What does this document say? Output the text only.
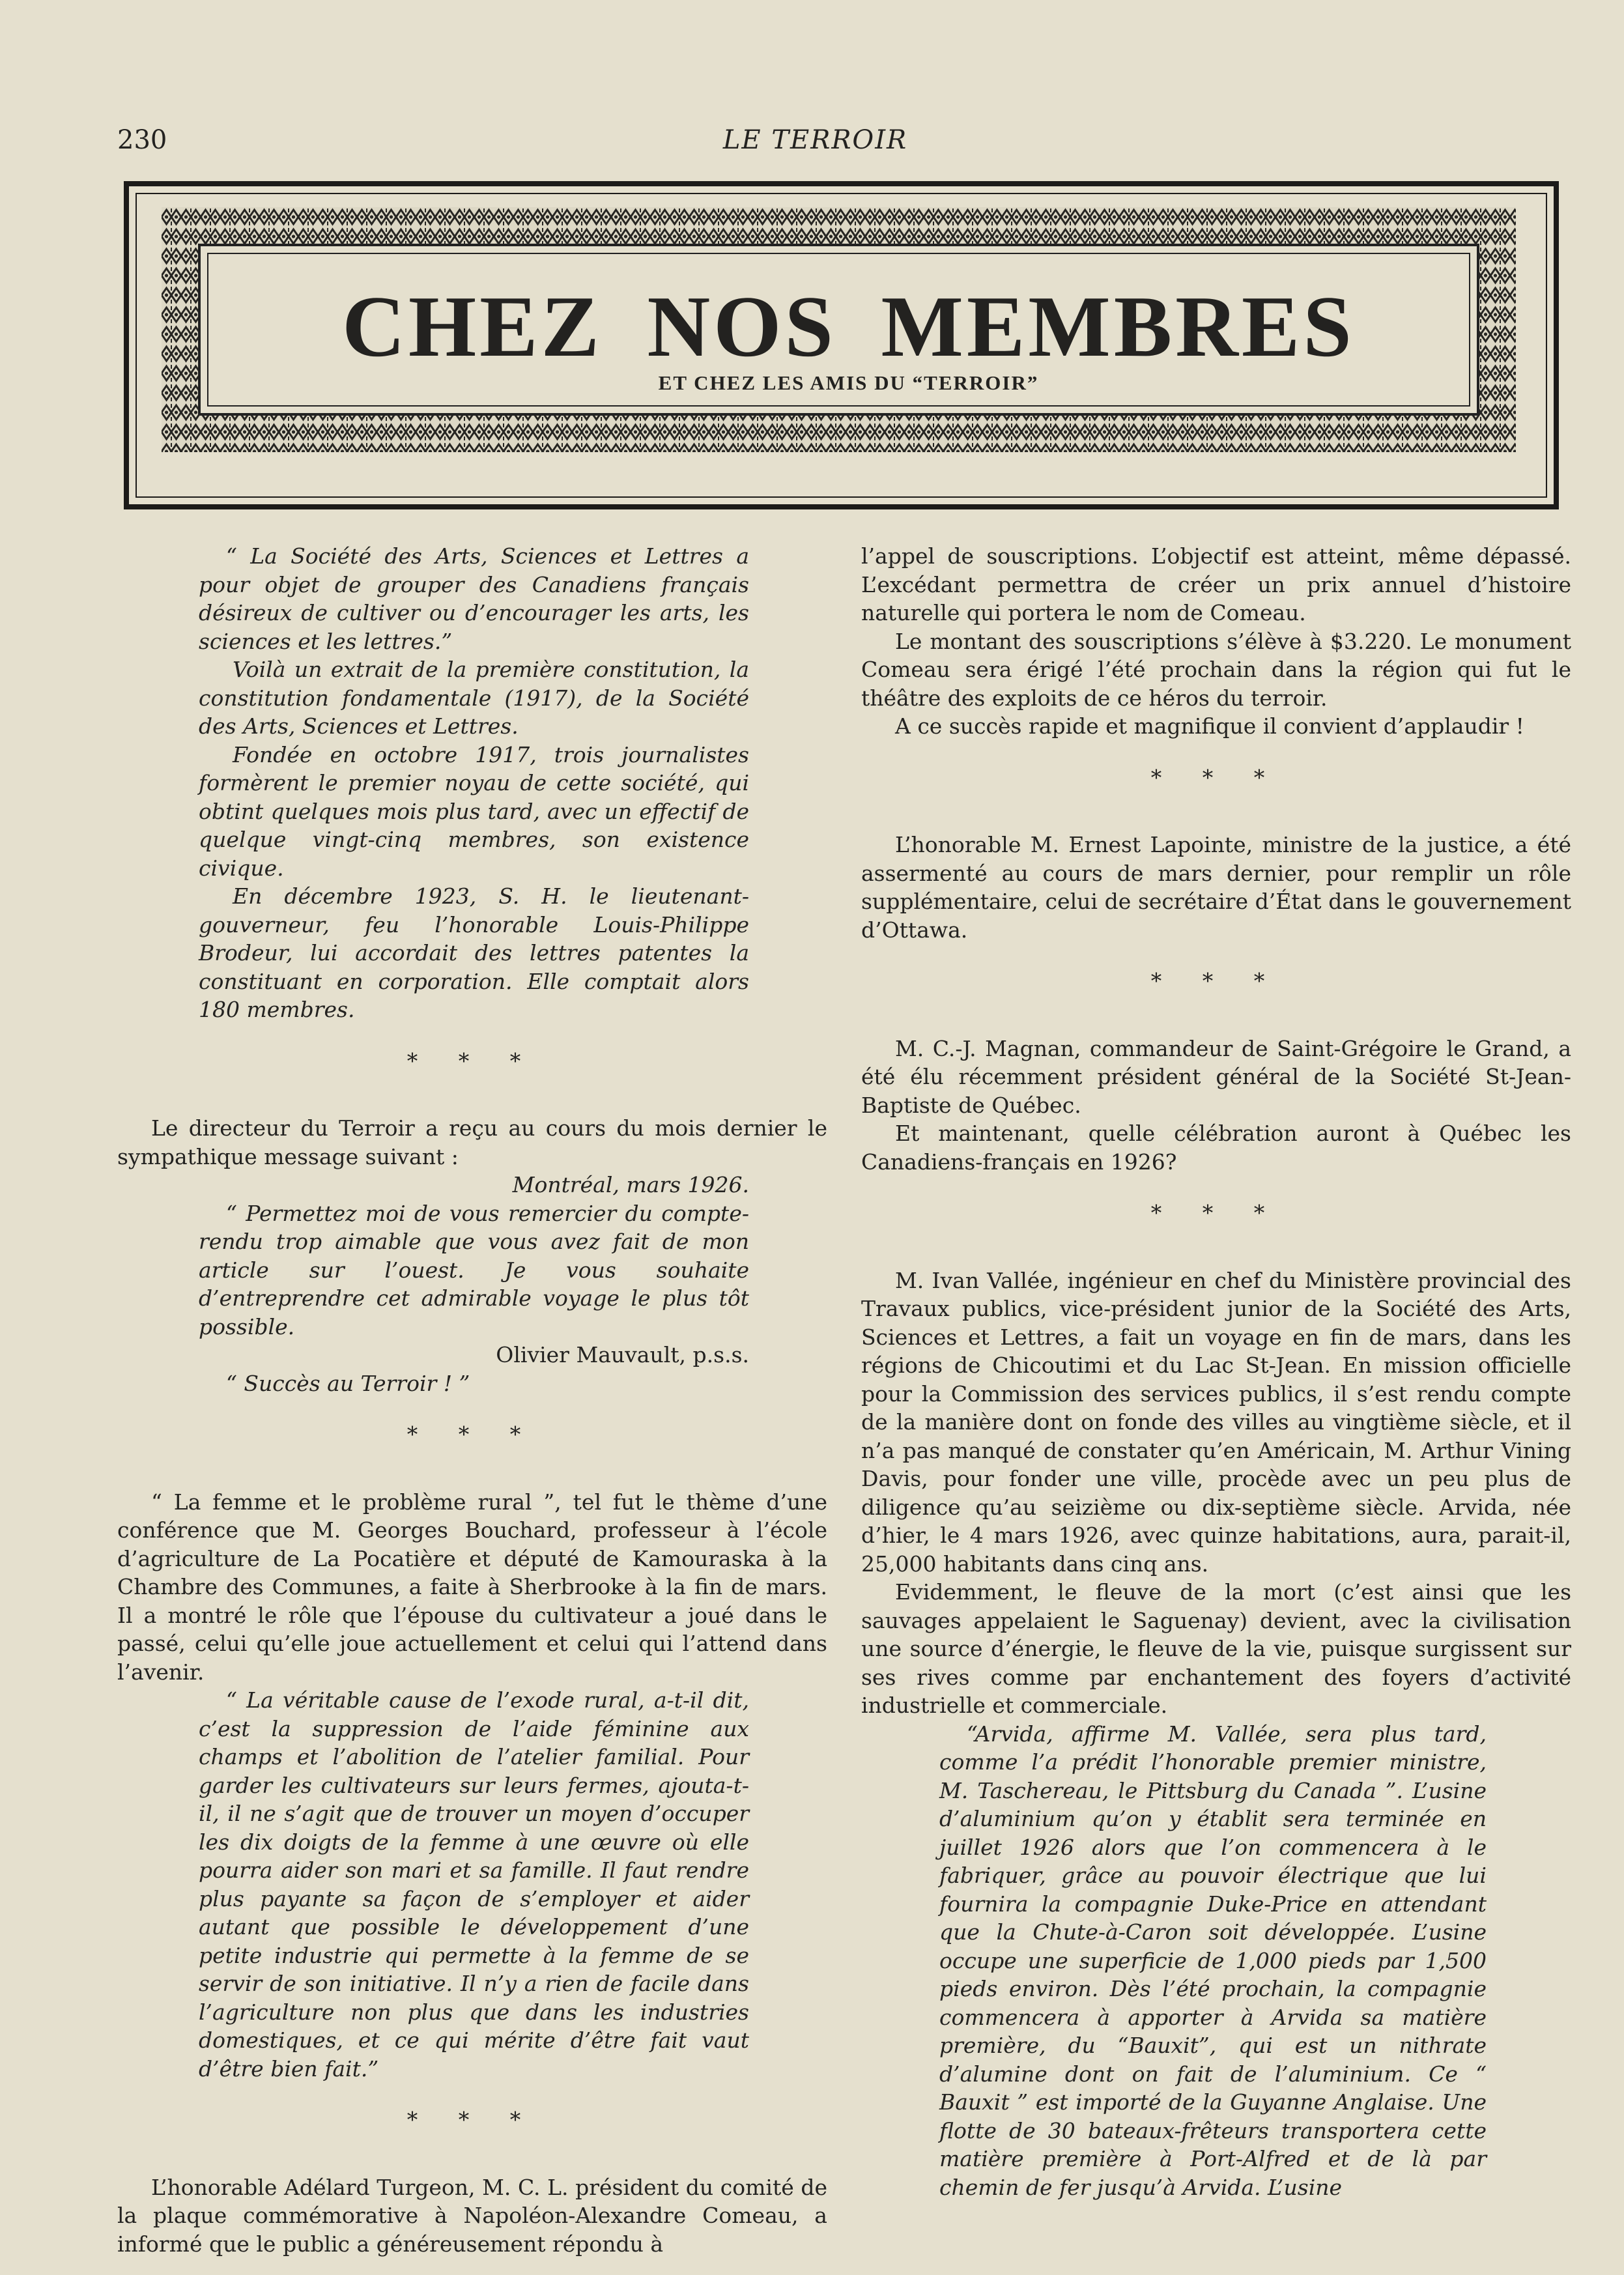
230	LE TERROIR
CHEZ NOS MEMBRES
ET CHEZ LES AMIS DU “TERROIR”

“ La Société des Arts, Sciences et Lettres a pour objet de grouper des Canadiens français désireux de cultiver ou d’encourager les arts, les sciences et les lettres.”

Voilà un extrait de la première constitution, la constitution fondamentale (1917), de la Société des Arts, Sciences et Lettres.

Fondée en octobre 1917, trois journalistes formèrent le premier noyau de cette société, qui obtint quelques mois plus tard, avec un effectif de quelque vingt-cinq membres, son existence civique.

En décembre 1923, S. H. le lieutenant-gouverneur, feu l’honorable Louis-Philippe Brodeur, lui accordait des lettres patentes la constituant en corporation. Elle comptait alors 180 membres.

* * *

Le directeur du Terroir a reçu au cours du mois dernier le sympathique message suivant :

Montréal, mars 1926.

“ Permettez moi de vous remercier du compte-rendu trop aimable que vous avez fait de mon article sur l’ouest. Je vous souhaite d’entreprendre cet admirable voyage le plus tôt possible.

Olivier Mauvault, p.s.s.

“ Succès au Terroir ! ”

* * *

“ La femme et le problème rural ”, tel fut le thème d’une conférence que M. Georges Bouchard, professeur à l’école d’agriculture de La Pocatière et député de Kamouraska à la Chambre des Communes, a faite à Sherbrooke à la fin de mars. Il a montré le rôle que l’épouse du cultivateur a joué dans le passé, celui qu’elle joue actuellement et celui qui l’attend dans l’avenir.

“ La véritable cause de l’exode rural, a-t-il dit, c’est la suppression de l’aide féminine aux champs et l’abolition de l’atelier familial. Pour garder les cultivateurs sur leurs fermes, ajouta-t-il, il ne s’agit que de trouver un moyen d’occuper les dix doigts de la femme à une œuvre où elle pourra aider son mari et sa famille. Il faut rendre plus payante sa façon de s’employer et aider autant que possible le développement d’une petite industrie qui permette à la femme de se servir de son initiative. Il n’y a rien de facile dans l’agriculture non plus que dans les industries domestiques, et ce qui mérite d’être fait vaut d’être bien fait.”

* * *

L’honorable Adélard Turgeon, M. C. L. président du comité de la plaque commémorative à Napoléon-Alexandre Comeau, a informé que le public a généreusement répondu à

l’appel de souscriptions. L’objectif est atteint, même dépassé. L’excédant permettra de créer un prix annuel d’histoire naturelle qui portera le nom de Comeau.

Le montant des souscriptions s’élève à $3.220. Le monument Comeau sera érigé l’été prochain dans la région qui fut le théâtre des exploits de ce héros du terroir.

A ce succès rapide et magnifique il convient d’applaudir !

* * *

L’honorable M. Ernest Lapointe, ministre de la justice, a été assermenté au cours de mars dernier, pour remplir un rôle supplémentaire, celui de secrétaire d’État dans le gouvernement d’Ottawa.

* * *

M. C.-J. Magnan, commandeur de Saint-Grégoire le Grand, a été élu récemment président général de la Société St-Jean-Baptiste de Québec.

Et maintenant, quelle célébration auront à Québec les Canadiens-français en 1926?

* * *

M. Ivan Vallée, ingénieur en chef du Ministère provincial des Travaux publics, vice-président junior de la Société des Arts, Sciences et Lettres, a fait un voyage en fin de mars, dans les régions de Chicoutimi et du Lac St-Jean. En mission officielle pour la Commission des services publics, il s’est rendu compte de la manière dont on fonde des villes au vingtième siècle, et il n’a pas manqué de constater qu’en Américain, M. Arthur Vining Davis, pour fonder une ville, procède avec un peu plus de diligence qu’au seizième ou dix-septième siècle. Arvida, née d’hier, le 4 mars 1926, avec quinze habitations, aura, parait-il, 25,000 habitants dans cinq ans.

Evidemment, le fleuve de la mort (c’est ainsi que les sauvages appelaient le Saguenay) devient, avec la civilisation une source d’énergie, le fleuve de la vie, puisque surgissent sur ses rives comme par enchantement des foyers d’activité industrielle et commerciale.

“Arvida, affirme M. Vallée, sera plus tard, comme l’a prédit l’honorable premier ministre, M. Taschereau, le Pittsburg du Canada ”. L’usine d’aluminium qu’on y établit sera terminée en juillet 1926 alors que l’on commencera à le fabriquer, grâce au pouvoir électrique que lui fournira la compagnie Duke-Price en attendant que la Chute-à-Caron soit développée. L’usine occupe une superficie de 1,000 pieds par 1,500 pieds environ. Dès l’été prochain, la compagnie commencera à apporter à Arvida sa matière première, du “Bauxit”, qui est un nithrate d’alumine dont on fait de l’aluminium. Ce “ Bauxit ” est importé de la Guyanne Anglaise. Une flotte de 30 bateaux-frêteurs transportera cette matière première à Port-Alfred et de là par chemin de fer jusqu’à Arvida. L’usine
